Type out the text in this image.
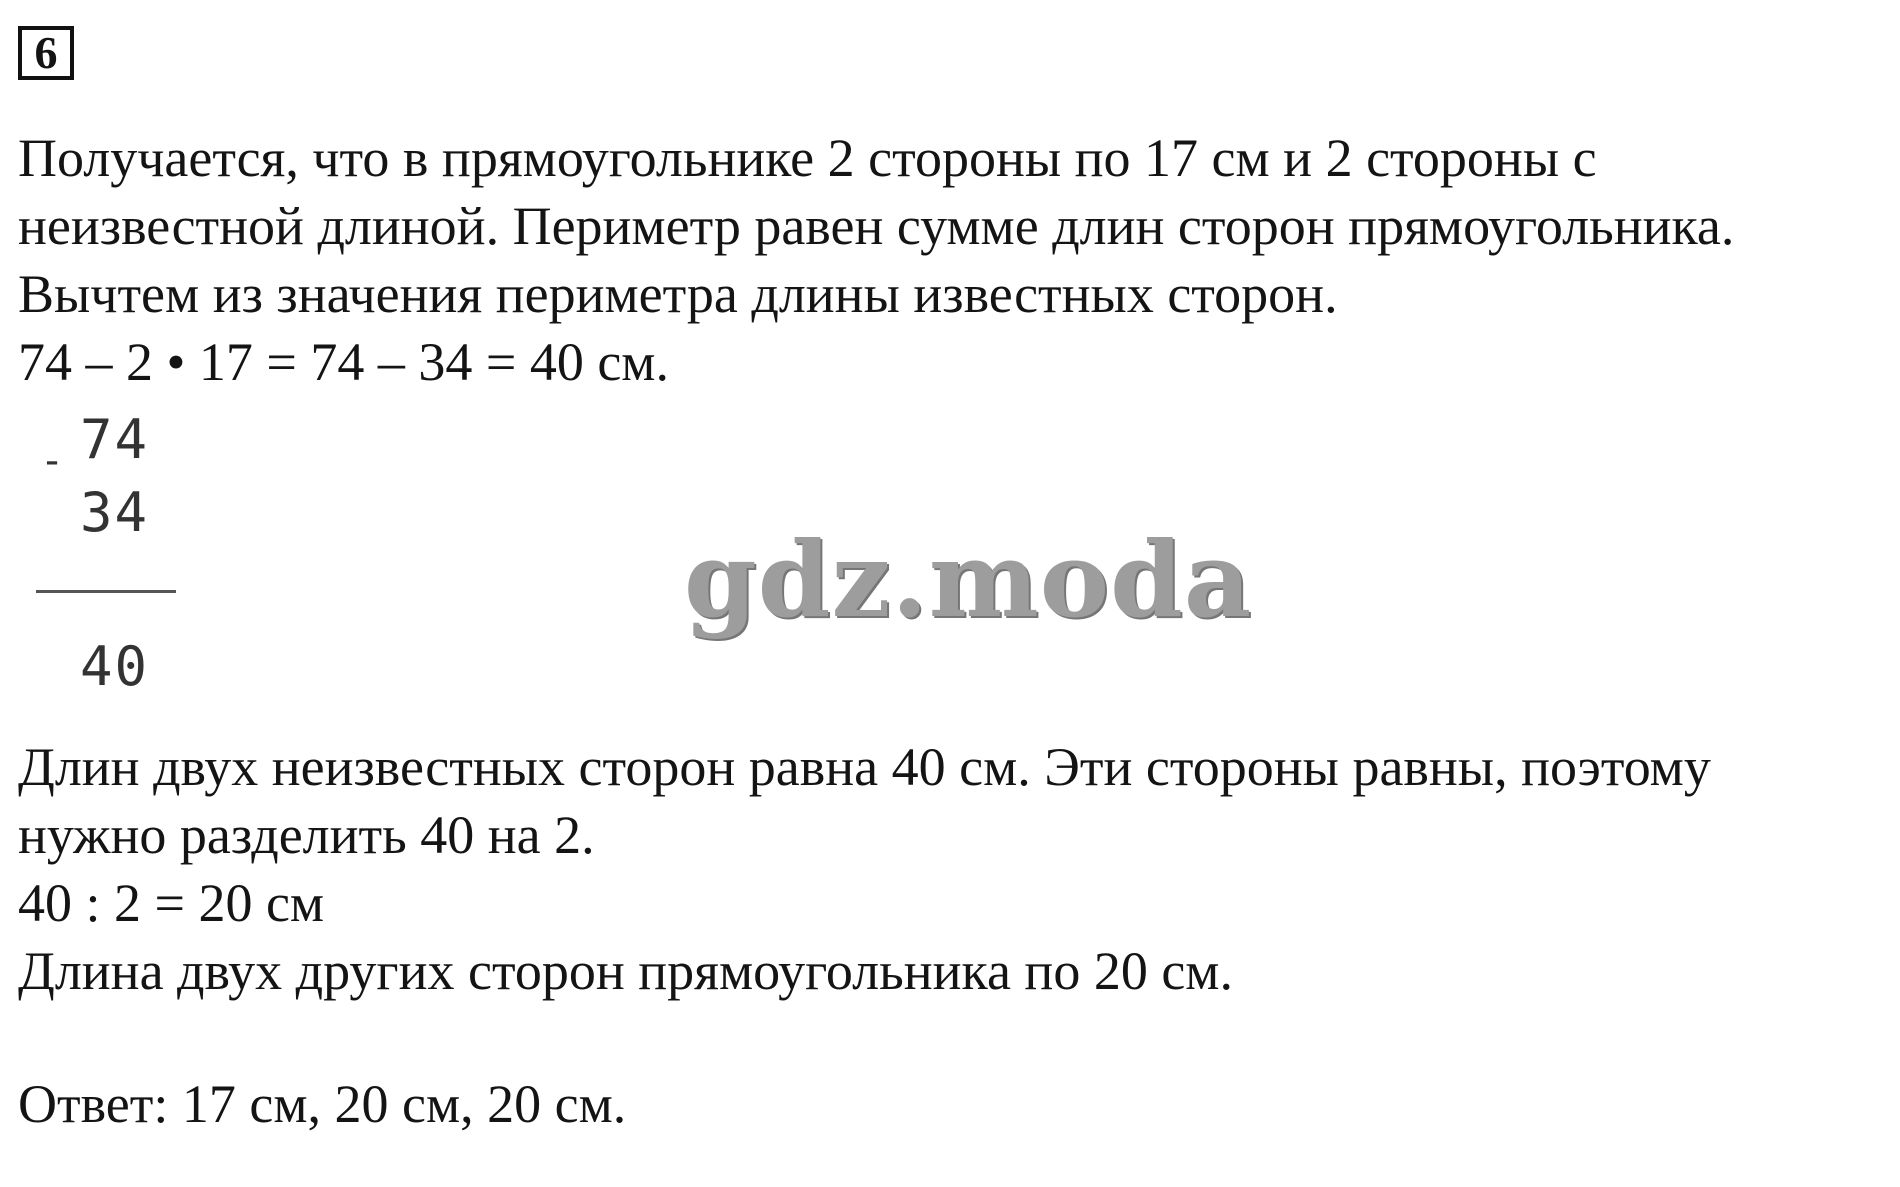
6
Получается, что в прямоугольнике 2 стороны по 17 см и 2 стороны с
неизвестной длиной. Периметр равен сумме длин сторон прямоугольника.
Вычтем из значения периметра длины известных сторон.
74 – 2 • 17 = 74 – 34 = 40 см.
74
-
34
40
gdz.moda
Длин двух неизвестных сторон равна 40 см. Эти стороны равны, поэтому
нужно разделить 40 на 2.
40 : 2 = 20 см
Длина двух других сторон прямоугольника по 20 см.
Ответ: 17 см, 20 см, 20 см.
